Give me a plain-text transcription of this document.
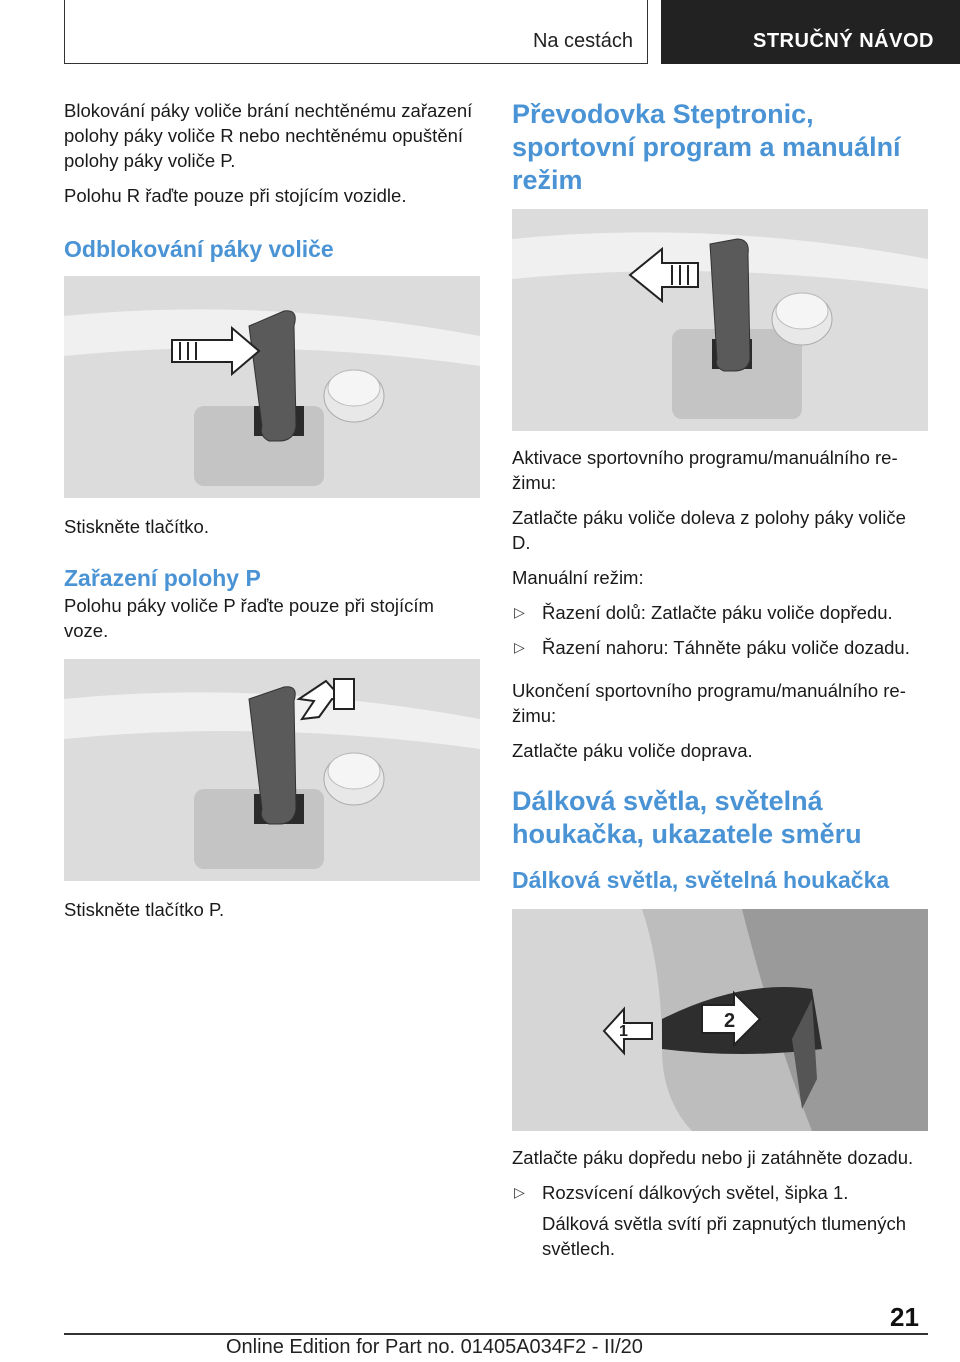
Na cestách	STRUČNÝ NÁVOD

Blokování páky voliče brání nechtěnému zařazení polohy páky voliče R nebo nechtěnému opuštění polohy páky voliče P.

Polohu R řaďte pouze při stojícím vozidle.

Odblokování páky voliče

Stiskněte tlačítko.

Zařazení polohy P

Polohu páky voliče P řaďte pouze při stojícím voze.

Stiskněte tlačítko P.

Převodovka Steptronic, sportovní program a manuální režim

Aktivace sportovního programu/manuálního re-žimu:

Zatlačte páku voliče doleva z polohy páky voliče D.

Manuální režim:

▷ Řazení dolů: Zatlačte páku voliče dopředu.
▷ Řazení nahoru: Táhněte páku voliče dozadu.

Ukončení sportovního programu/manuálního re-žimu:

Zatlačte páku voliče doprava.

Dálková světla, světelná houkačka, ukazatele směru
Dálková světla, světelná houkačka
1	2

Zatlačte páku dopředu nebo ji zatáhněte dozadu.

▷ Rozsvícení dálkových světel, šipka 1.
Dálková světla svítí při zapnutých tlumených světlech.
21
Online Edition for Part no. 01405A034F2 - II/20
